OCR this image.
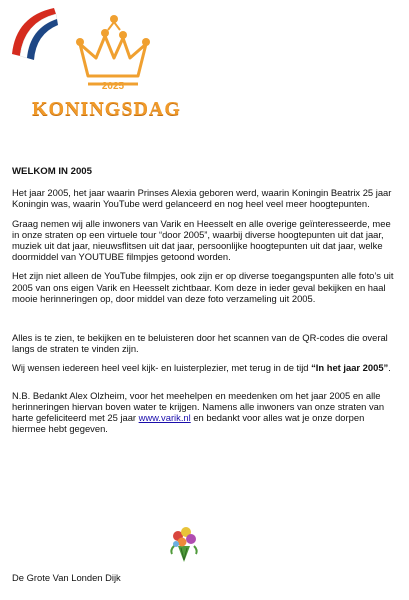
2025
KONINGSDAG

WELKOM IN 2005

Het jaar 2005, het jaar waarin Prinses Alexia geboren werd, waarin Koningin Beatrix 25 jaar Koningin was, waarin YouTube werd gelanceerd en nog heel veel meer hoogtepunten.

Graag nemen wij alle inwoners van Varik en Heesselt en alle overige geïnteresseerde, mee in onze straten op een virtuele tour “door 2005”, waarbij diverse hoogtepunten uit dat jaar, muziek uit dat jaar, nieuwsflitsen uit dat jaar, persoonlijke hoogtepunten uit dat jaar, welke doormiddel van YOUTUBE filmpjes getoond worden.

Het zijn niet alleen de YouTube filmpjes, ook zijn er op diverse toegangspunten alle foto’s uit 2005 van ons eigen Varik en Heesselt zichtbaar. Kom deze in ieder geval bekijken en haal mooie herinneringen op, door middel van deze foto verzameling uit 2005.

Alles is te zien, te bekijken en te beluisteren door het scannen van de QR-codes die overal langs de straten te vinden zijn.

Wij wensen iedereen heel veel kijk- en luisterplezier, met terug in de tijd “In het jaar 2005”.

N.B. Bedankt Alex Olzheim, voor het meehelpen en meedenken om het jaar 2005 en alle herinneringen hiervan boven water te krijgen. Namens alle inwoners van onze straten van harte gefeliciteerd met 25 jaar www.varik.nl en bedankt voor alles wat je onze dorpen hiermee hebt gegeven.

De Grote Van Londen Dijk
